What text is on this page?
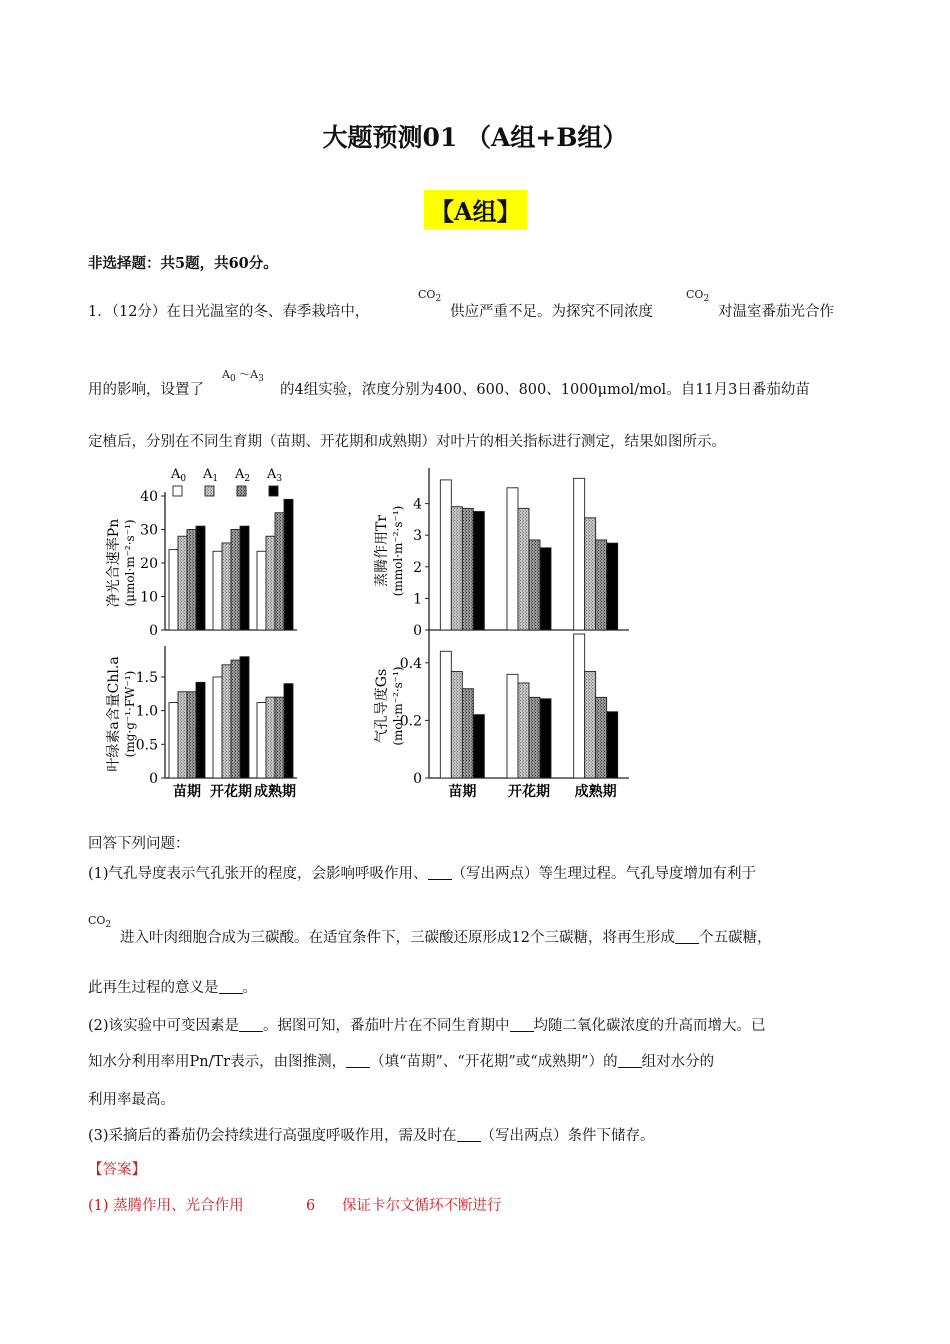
大题预测01 （A组+B组）
【A组】
非选择题：共5题，共60分。
1．（12分）在日光温室的冬、春季栽培中，
$CO_2$
供应严重不足。为探究不同浓度
$CO_2$
对温室番茄光合作
用的影响，设置了
$A_0$ $\sim A_3$
的4组实验，浓度分别为400、600、800、1000μmol/mol。自11月3日番茄幼苗
定植后，分别在不同生育期（苗期、开花期和成熟期）对叶片的相关指标进行测定，结果如图所示。
$A_0$ $A_1$ $A_2$ $A_3$
0
10
20
30
40
净光合速率Pn (μmol·m⁻²·s⁻¹)
0
1
2
3
4
蒸腾作用Tr (mmol·m⁻²·s⁻¹)
0
0.5
1.0
1.5
叶绿素a含量Chl.a (mg·g⁻¹·FW⁻¹)
苗期 开花期 成熟期
0
0.2
0.4
气孔导度Gs (mol·m⁻²·s⁻¹)
苗期 开花期 成熟期
回答下列问题：
(1)气孔导度表示气孔张开的程度，会影响呼吸作用、 （写出两点）等生理过程。气孔导度增加有利于
$CO_2$
进入叶肉细胞合成为三碳酸。在适宜条件下，三碳酸还原形成12个三碳糖，将再生形成 个五碳糖，
此再生过程的意义是 。
(2)该实验中可变因素是 。据图可知，番茄叶片在不同生育期中 均随二氧化碳浓度的升高而增大。已
知水分利用率用Pn/Tr表示，由图推测， （填“苗期”、“开花期”或“成熟期”）的 组对水分的
利用率最高。
(3)采摘后的番茄仍会持续进行高强度呼吸作用，需及时在 （写出两点）条件下储存。
【答案】
(1) 蒸腾作用、光合作用	6 保证卡尔文循环不断进行
